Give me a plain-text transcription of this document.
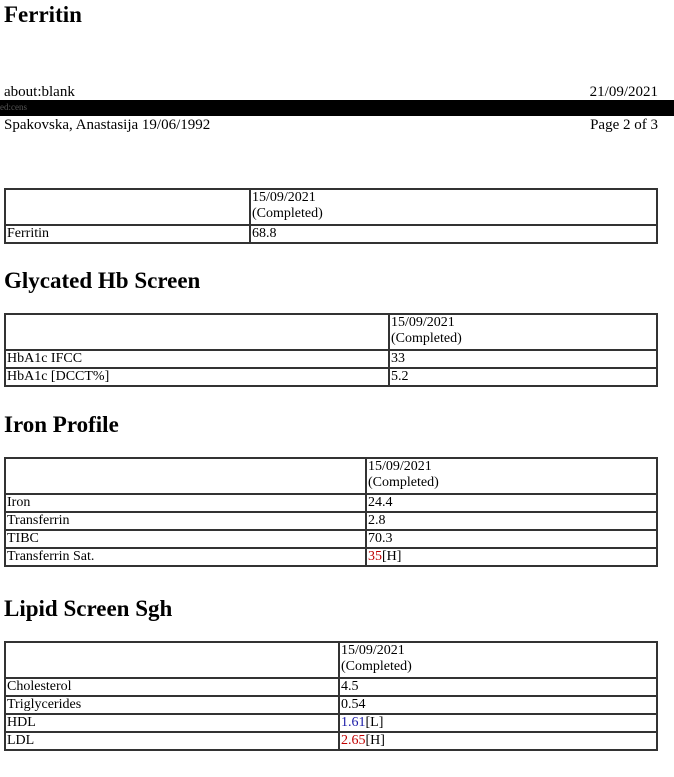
Ferritin
about:blank	21/09/2021
ed:cens
Spakovska, Anastasija 19/06/1992	Page 2 of 3
	15/09/2021
(Completed)
Ferritin	68.8
Glycated Hb Screen
	15/09/2021
(Completed)
HbA1c IFCC	33
HbA1c [DCCT%]	5.2
Iron Profile
	15/09/2021
(Completed)
Iron	24.4
Transferrin	2.8
TIBC	70.3
Transferrin Sat.	35[H]
Lipid Screen Sgh
	15/09/2021
(Completed)
Cholesterol	4.5
Triglycerides	0.54
HDL	1.61[L]
LDL	2.65[H]
